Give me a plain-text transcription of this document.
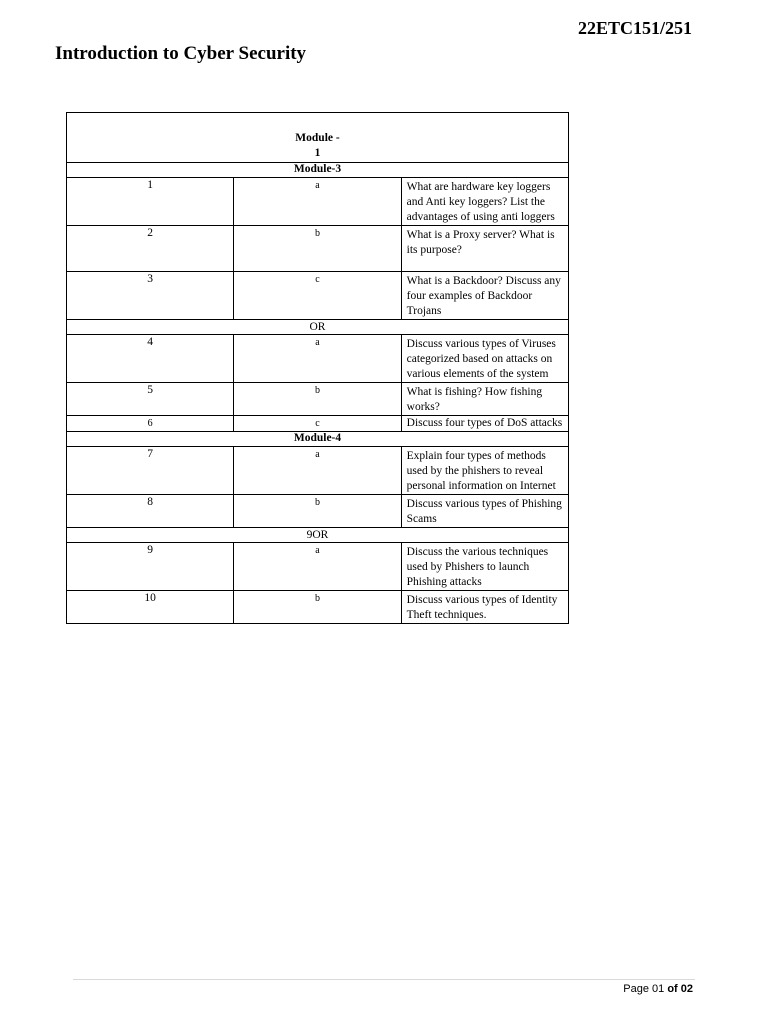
22ETC151/251
Introduction to Cyber Security
Module -
1		

Module-3		
1	a	What are hardware key loggers and Anti key loggers? List the advantages of using anti loggers
2	b	What is a Proxy server? What is its purpose?
3	c	What is a Backdoor? Discuss any four examples of Backdoor Trojans
OR		
4	a	Discuss various types of Viruses categorized based on attacks on various elements of the system
5	b	What is fishing? How fishing works?
6	c	Discuss four types of DoS attacks
Module-4		
7	a	Explain four types of methods used by the phishers to reveal personal information on Internet
8	b	Discuss various types of Phishing Scams
9OR		
9	a	Discuss the various techniques used by Phishers to launch Phishing attacks
10	b	Discuss various types of Identity Theft techniques.
Page 01 of 02
